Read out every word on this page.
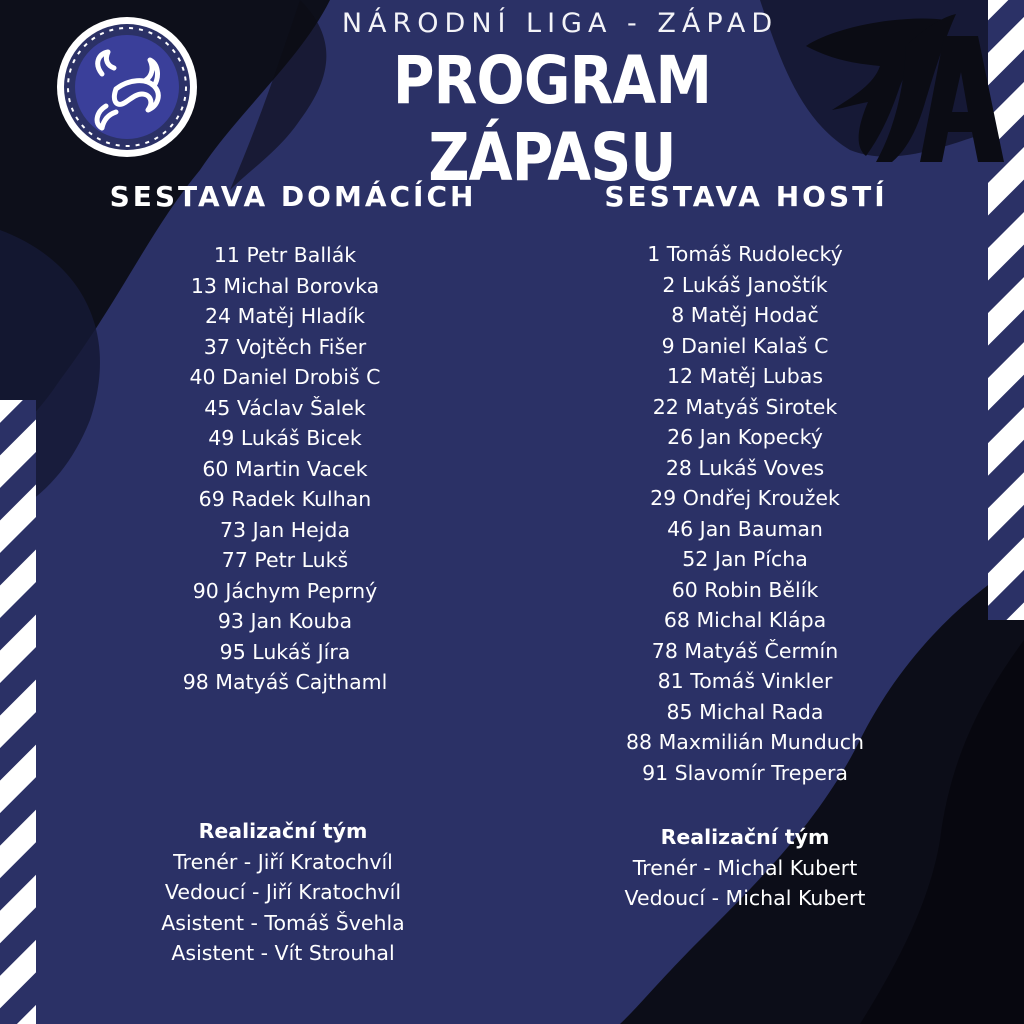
NÁRODNÍ LIGA - ZÁPAD
PROGRAM ZÁPASU
SESTAVA DOMÁCÍCH	SESTAVA HOSTÍ
11 Petr Ballák
13 Michal Borovka
24 Matěj Hladík
37 Vojtěch Fišer
40 Daniel Drobiš C
45 Václav Šalek
49 Lukáš Bicek
60 Martin Vacek
69 Radek Kulhan
73 Jan Hejda
77 Petr Lukš
90 Jáchym Peprný
93 Jan Kouba
95 Lukáš Jíra
98 Matyáš Cajthaml
1 Tomáš Rudolecký
2 Lukáš Janoštík
8 Matěj Hodač
9 Daniel Kalaš C
12 Matěj Lubas
22 Matyáš Sirotek
26 Jan Kopecký
28 Lukáš Voves
29 Ondřej Kroužek
46 Jan Bauman
52 Jan Pícha
60 Robin Bělík
68 Michal Klápa
78 Matyáš Čermín
81 Tomáš Vinkler
85 Michal Rada
88 Maxmilián Munduch
91 Slavomír Trepera
Realizační tým
Trenér - Jiří Kratochvíl
Vedoucí - Jiří Kratochvíl
Asistent - Tomáš Švehla
Asistent - Vít Strouhal
Realizační tým
Trenér - Michal Kubert
Vedoucí - Michal Kubert
